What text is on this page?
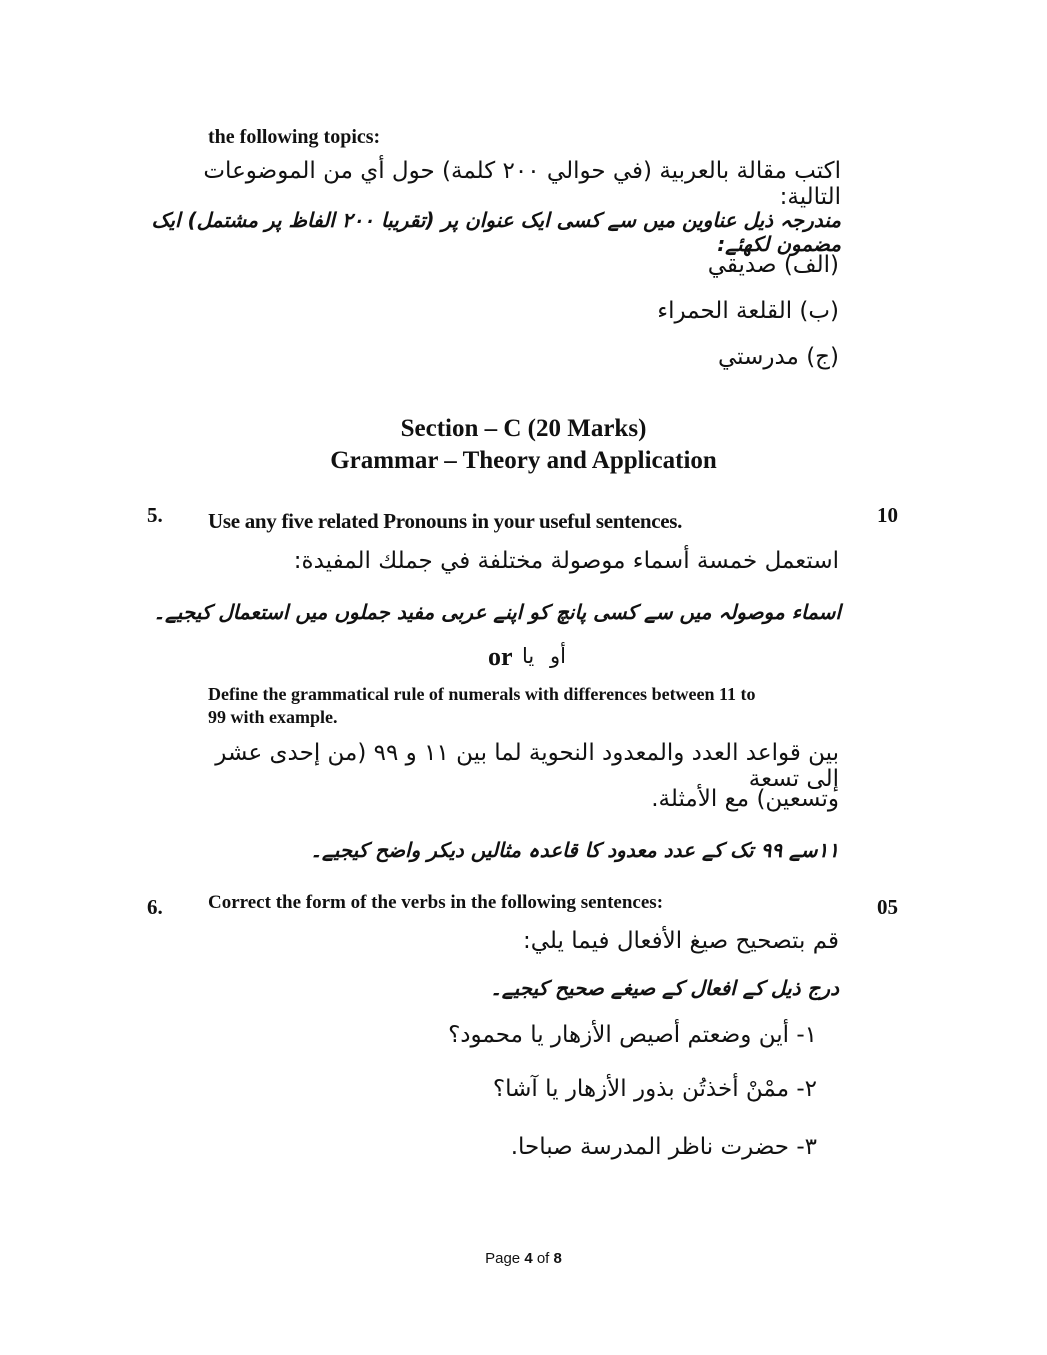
the following topics:
اكتب مقالة بالعربية (في حوالي ٢٠٠ كلمة) حول أي من الموضوعات التالية:
مندرجہ ذیل عناوین میں سے کسی ایک عنوان پر (تقریبا ۲۰۰ الفاظ پر مشتمل) ایک مضمون لکھئے:
(الف) صديقي
(ب) القلعة الحمراء
(ج) مدرستي
Section – C (20 Marks)
Grammar – Theory and Application
5.	10
Use any five related Pronouns in your useful sentences.
استعمل خمسة أسماء موصولة مختلفة في جملك المفيدة:
اسماء موصولہ میں سے کسی پانچ کو اپنے عربی مفید جملوں میں استعمال کیجیے۔
or یا أو
Define the grammatical rule of numerals with differences between 11 to
99 with example.
بين قواعد العدد والمعدود النحوية لما بين ١١ و ٩٩ (من إحدى عشر إلى تسعة
وتسعين) مع الأمثلة.
۱۱سے ۹۹ تک کے عدد معدود کا قاعدہ مثالیں دیکر واضح کیجیے۔
6.	05
Correct the form of the verbs in the following sentences:
قم بتصحيح صيغ الأفعال فيما يلي:
درج ذیل کے افعال کے صیغے صحیح کیجیے۔
١- أين وضعتم أصيص الأزهار يا محمود؟
٢- ممْنْ أخذتُن بذور الأزهار يا آشا؟
٣- حضرت ناظر المدرسة صباحا.
Page 4 of 8
